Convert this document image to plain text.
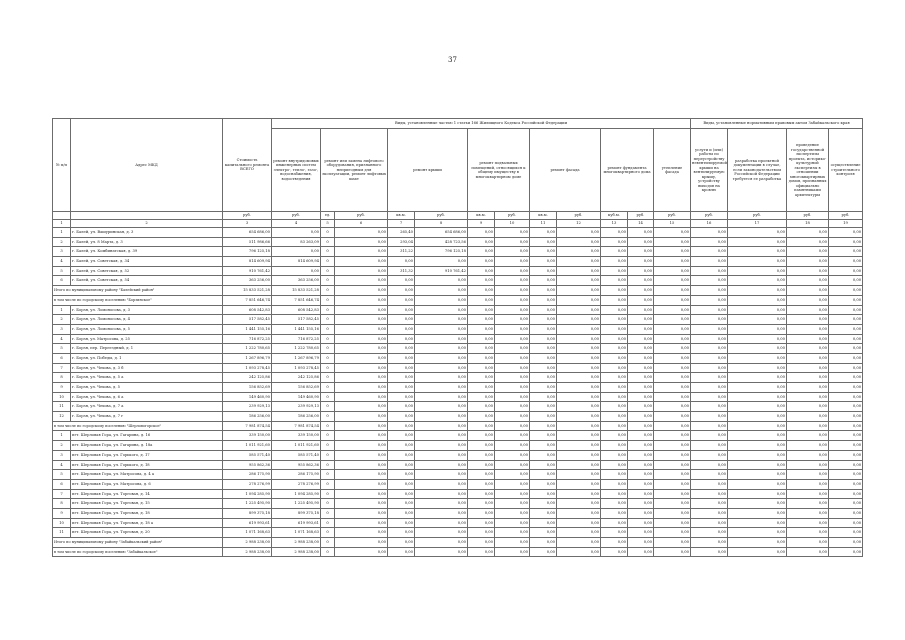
37
№ п/п	Адрес МКД	Стоимость капитального ремонта ВСЕГО	Виды, установленные частью 1 статьи 166 Жилищного Кодекса Российской Федерации												Виды, установленные нормативным правовым актом Забайкальского края			
			ремонт внутридомовых инженерных систем электро-, тепло-, газо-, водоснабжения, водоотведения	ремонт или замена лифтового оборудования, признанного непригодным для эксплуатации, ремонт лифтовых шахт		ремонт крыши		ремонт подвальных помещений, относящихся к общему имуществу в многоквартирном доме		ремонт фасада		ремонт фундамента многоквартирного дома		утепление фасада	услуги и (или) работы по переустройству невентилируемой крыши на вентилируемую крышу, устройству выходов на кровлю	разработка проектной документации в случае, если законодательством Российской Федерации требуется ее разработка	проведение государственной экспертизы проекта, историко-культурной экспертизы в отношении многоквартирных домов, признанных официально памятниками архитектуры	осуществление строительного контроля
		руб.	руб.	ед.	руб.	кв.м.	руб.	кв.м.	руб.	кв.м.	руб.	куб.м.	руб.	руб.	руб.	руб.	руб.	руб.
1	2	3	4	5	6	7	8	9	10	11	12	13	14	15	16	17	18	19
1	г. Балей, ул. Вашуринская, д. 3	654 686,00	0,00	0	0,00	265,40	654 686,00	0,00	0,00	0,00	0,00	0,00	0,00	0,00	0,00	0,00	0,00	0,00
2	г. Балей, ул. 8 Марта, д. 3	511 986,66	83 263,09	0	0,00	293,04	428 723,56	0,00	0,00	0,00	0,00	0,00	0,00	0,00	0,00	0,00	0,00	0,00
3	г. Балей, ул. Комбинатская, д. 39	796 125,18	0,00	0	0,00	311,22	796 125,18	0,00	0,00	0,00	0,00	0,00	0,00	0,00	0,00	0,00	0,00	0,00
4	г. Балей, ул. Советская, д. 34	814 609,94	814 609,94	0	0,00	0,00	0,00	0,00	0,00	0,00	0,00	0,00	0,00	0,00	0,00	0,00	0,00	0,00
5	г. Балей, ул. Советская, д. 52	910 761,42	0,00	0	0,00	311,32	910 761,42	0,00	0,00	0,00	0,00	0,00	0,00	0,00	0,00	0,00	0,00	0,00
6	г. Балей, ул. Советская, д. 54	363 256,00	363 256,00	0	0,00	0,00	0,00	0,00	0,00	0,00	0,00	0,00	0,00	0,00	0,00	0,00	0,00	0,00
Итого по муниципальному району "Балейский район"		15 833 521,28	15 833 521,28	0	0,00	0,00	0,00	0,00	0,00	0,00	0,00	0,00	0,00	0,00	0,00	0,00	0,00	0,00
в том числе по городскому поселению "Борзинское"		7 851 646,74	7 851 646,74	0	0,00	0,00	0,00	0,00	0,00	0,00	0,00	0,00	0,00	0,00	0,00	0,00	0,00	0,00
1	г. Борзя, ул. Ломоносова, д. 3	608 542,83	608 542,83	0	0,00	0,00	0,00	0,00	0,00	0,00	0,00	0,00	0,00	0,00	0,00	0,00	0,00	0,00
2	г. Борзя, ул. Ломоносова, д. 4	517 582,45	517 582,45	0	0,00	0,00	0,00	0,00	0,00	0,00	0,00	0,00	0,00	0,00	0,00	0,00	0,00	0,00
3	г. Борзя, ул. Ломоносова, д. 5	1 441 155,16	1 441 155,16	0	0,00	0,00	0,00	0,00	0,00	0,00	0,00	0,00	0,00	0,00	0,00	0,00	0,00	0,00
4	г. Борзя, ул. Матросова, д. 25	716 872,25	716 872,25	0	0,00	0,00	0,00	0,00	0,00	0,00	0,00	0,00	0,00	0,00	0,00	0,00	0,00	0,00
5	г. Борзя, пер. Переездный, д. 1	1 222 780,65	1 222 780,65	0	0,00	0,00	0,00	0,00	0,00	0,00	0,00	0,00	0,00	0,00	0,00	0,00	0,00	0,00
6	г. Борзя, ул. Победы, д. 1	1 267 896,79	1 267 896,79	0	0,00	0,00	0,00	0,00	0,00	0,00	0,00	0,00	0,00	0,00	0,00	0,00	0,00	0,00
7	г. Борзя, ул. Чехова, д. 3 б	1 093 278,45	1 093 278,45	0	0,00	0,00	0,00	0,00	0,00	0,00	0,00	0,00	0,00	0,00	0,00	0,00	0,00	0,00
8	г. Борзя, ул. Чехова, д. 5 а	242 125,86	242 125,86	0	0,00	0,00	0,00	0,00	0,00	0,00	0,00	0,00	0,00	0,00	0,00	0,00	0,00	0,00
9	г. Борзя, ул. Чехова, д. 5	156 852,69	156 852,69	0	0,00	0,00	0,00	0,00	0,00	0,00	0,00	0,00	0,00	0,00	0,00	0,00	0,00	0,00
10	г. Борзя, ул. Чехова, д. 6 а	149 460,90	149 460,90	0	0,00	0,00	0,00	0,00	0,00	0,00	0,00	0,00	0,00	0,00	0,00	0,00	0,00	0,00
11	г. Борзя, ул. Чехова, д. 7 а	239 929,13	239 929,13	0	0,00	0,00	0,00	0,00	0,00	0,00	0,00	0,00	0,00	0,00	0,00	0,00	0,00	0,00
12	г. Борзя, ул. Чехова, д. 7 г	186 256,00	186 256,00	0	0,00	0,00	0,00	0,00	0,00	0,00	0,00	0,00	0,00	0,00	0,00	0,00	0,00	0,00
в том числе по городскому поселению "Шерловогорское"		7 981 874,54	7 981 874,54	0	0,00	0,00	0,00	0,00	0,00	0,00	0,00	0,00	0,00	0,00	0,00	0,00	0,00	0,00
1	пгт. Шерловая Гора, ул. Гагарина, д. 16	339 150,00	339 150,00	0	0,00	0,00	0,00	0,00	0,00	0,00	0,00	0,00	0,00	0,00	0,00	0,00	0,00	0,00
2	пгт. Шерловая Гора, ул. Гагарина, д. 18а	1 011 921,60	1 011 921,60	0	0,00	0,00	0,00	0,00	0,00	0,00	0,00	0,00	0,00	0,00	0,00	0,00	0,00	0,00
3	пгт. Шерловая Гора, ул. Горького, д. 17	585 571,40	585 571,40	0	0,00	0,00	0,00	0,00	0,00	0,00	0,00	0,00	0,00	0,00	0,00	0,00	0,00	0,00
4	пгт. Шерловая Гора, ул. Горького, д. 18	955 862,36	955 862,36	0	0,00	0,00	0,00	0,00	0,00	0,00	0,00	0,00	0,00	0,00	0,00	0,00	0,00	0,00
5	пгт. Шерловая Гора, ул. Матросова, д. 4 а	286 175,90	286 175,90	0	0,00	0,00	0,00	0,00	0,00	0,00	0,00	0,00	0,00	0,00	0,00	0,00	0,00	0,00
6	пгт. Шерловая Гора, ул. Матросова, д. 6	278 276,99	278 276,99	0	0,00	0,00	0,00	0,00	0,00	0,00	0,00	0,00	0,00	0,00	0,00	0,00	0,00	0,00
7	пгт. Шерловая Гора, ул. Торговая, д. 14	1 094 285,90	1 094 285,90	0	0,00	0,00	0,00	0,00	0,00	0,00	0,00	0,00	0,00	0,00	0,00	0,00	0,00	0,00
8	пгт. Шерловая Гора, ул. Торговая, д. 15	1 225 495,90	1 225 495,90	0	0,00	0,00	0,00	0,00	0,00	0,00	0,00	0,00	0,00	0,00	0,00	0,00	0,00	0,00
9	пгт. Шерловая Гора, ул. Торговая, д. 18	899 375,18	899 375,18	0	0,00	0,00	0,00	0,00	0,00	0,00	0,00	0,00	0,00	0,00	0,00	0,00	0,00	0,00
10	пгт. Шерловая Гора, ул. Торговая, д. 18 а	619 993,61	619 993,61	0	0,00	0,00	0,00	0,00	0,00	0,00	0,00	0,00	0,00	0,00	0,00	0,00	0,00	0,00
11	пгт. Шерловая Гора, ул. Торговая, д. 20	1 071 168,63	1 071 168,63	0	0,00	0,00	0,00	0,00	0,00	0,00	0,00	0,00	0,00	0,00	0,00	0,00	0,00	0,00
Итого по муниципальному району "Забайкальский район"		2 988 238,00	2 988 238,00	0	0,00	0,00	0,00	0,00	0,00	0,00	0,00	0,00	0,00	0,00	0,00	0,00	0,00	0,00
в том числе по городскому поселению "Забайкальское"		2 988 238,00	2 988 238,00	0	0,00	0,00	0,00	0,00	0,00	0,00	0,00	0,00	0,00	0,00	0,00	0,00	0,00	0,00
